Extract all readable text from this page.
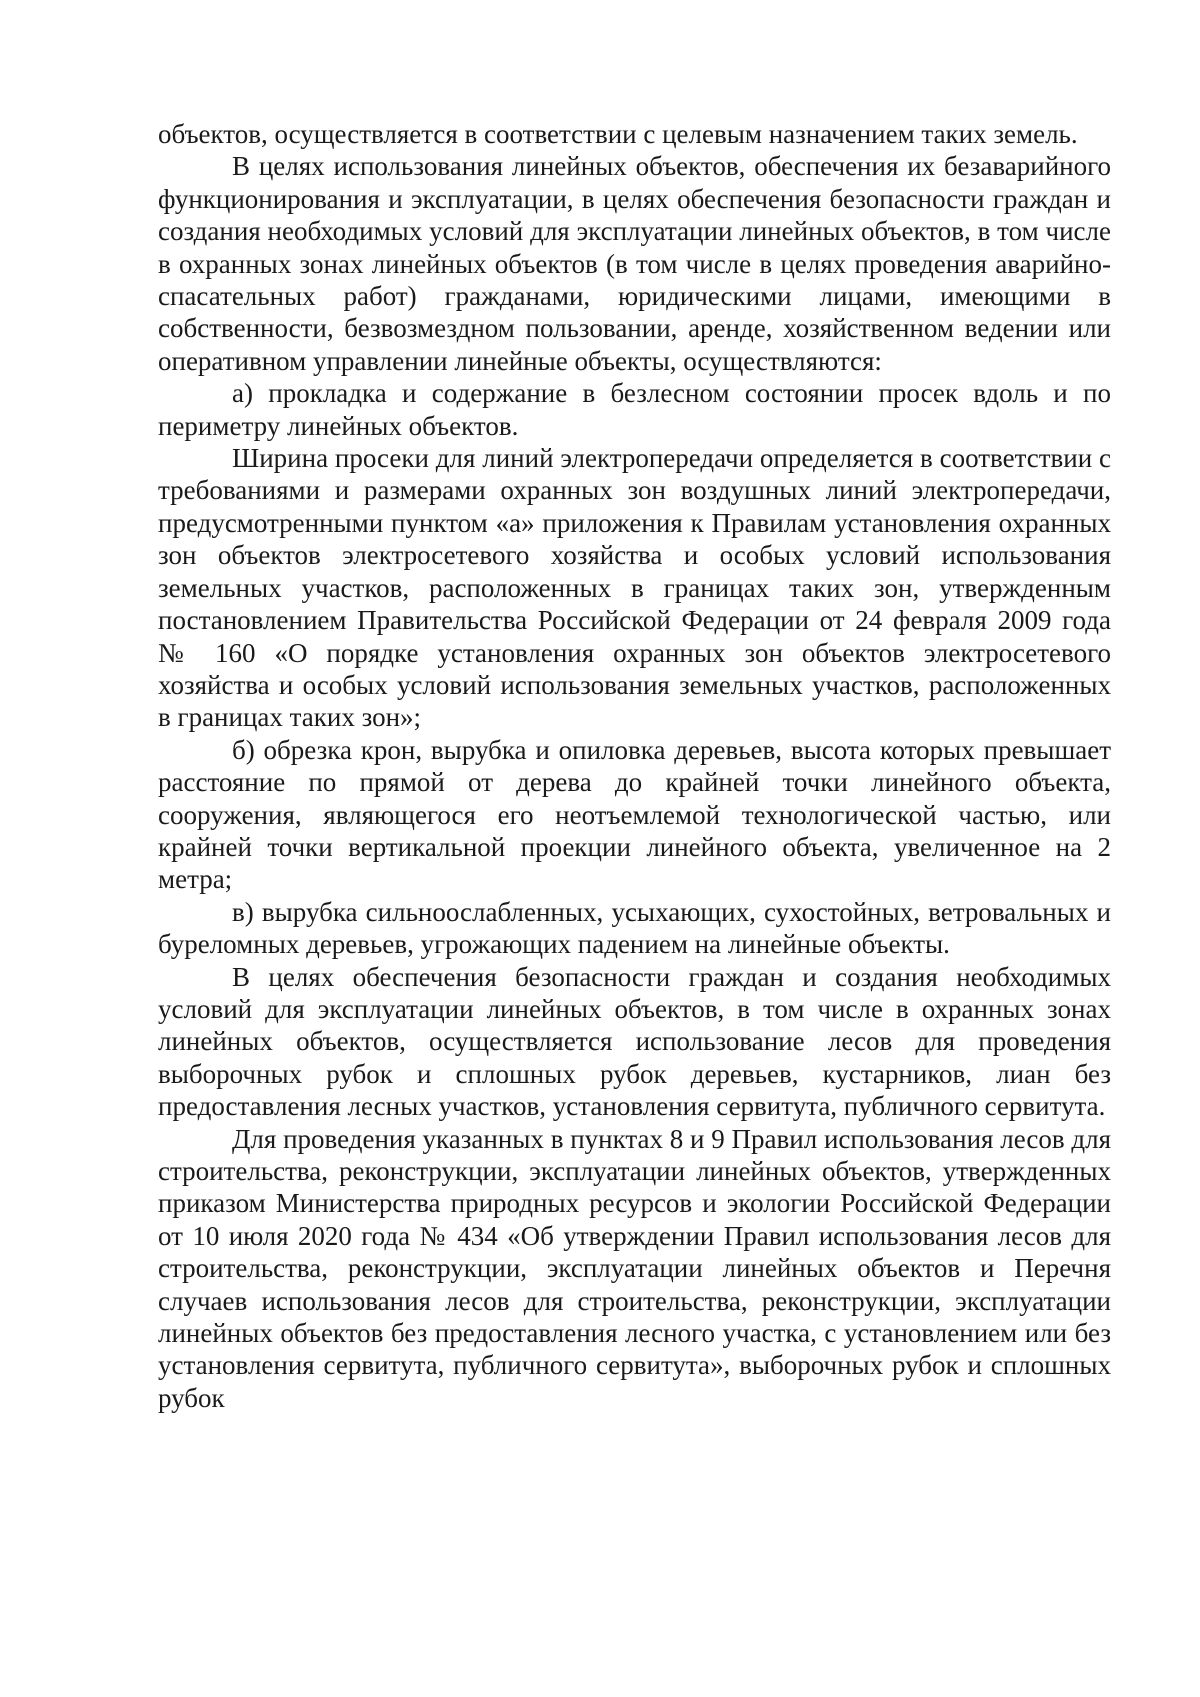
объектов, осуществляется в соответствии с целевым назначением таких земель.

В целях использования линейных объектов, обеспечения их безаварийного функционирования и эксплуатации, в целях обеспечения безопасности граждан и создания необходимых условий для эксплуатации линейных объектов, в том числе в охранных зонах линейных объектов (в том числе в целях проведения аварийно-спасательных работ) гражданами, юридическими лицами, имеющими в собственности, безвозмездном пользовании, аренде, хозяйственном ведении или оперативном управлении линейные объекты, осуществляются:

а) прокладка и содержание в безлесном состоянии просек вдоль и по периметру линейных объектов.

Ширина просеки для линий электропередачи определяется в соответствии с требованиями и размерами охранных зон воздушных линий электропередачи, предусмотренными пунктом «а» приложения к Правилам установления охранных зон объектов электросетевого хозяйства и особых условий использования земельных участков, расположенных в границах таких зон, утвержденным постановлением Правительства Российской Федерации от 24 февраля 2009 года № 160 «О порядке установления охранных зон объектов электросетевого хозяйства и особых условий использования земельных участков, расположенных в границах таких зон»;

б) обрезка крон, вырубка и опиловка деревьев, высота которых превышает расстояние по прямой от дерева до крайней точки линейного объекта, сооружения, являющегося его неотъемлемой технологической частью, или крайней точки вертикальной проекции линейного объекта, увеличенное на 2 метра;

в) вырубка сильноослабленных, усыхающих, сухостойных, ветровальных и буреломных деревьев, угрожающих падением на линейные объекты.

В целях обеспечения безопасности граждан и создания необходимых условий для эксплуатации линейных объектов, в том числе в охранных зонах линейных объектов, осуществляется использование лесов для проведения выборочных рубок и сплошных рубок деревьев, кустарников, лиан без предоставления лесных участков, установления сервитута, публичного сервитута.

Для проведения указанных в пунктах 8 и 9 Правил использования лесов для строительства, реконструкции, эксплуатации линейных объектов, утвержденных приказом Министерства природных ресурсов и экологии Российской Федерации от 10 июля 2020 года № 434 «Об утверждении Правил использования лесов для строительства, реконструкции, эксплуатации линейных объектов и Перечня случаев использования лесов для строительства, реконструкции, эксплуатации линейных объектов без предоставления лесного участка, с установлением или без установления сервитута, публичного сервитута», выборочных рубок и сплошных рубок
